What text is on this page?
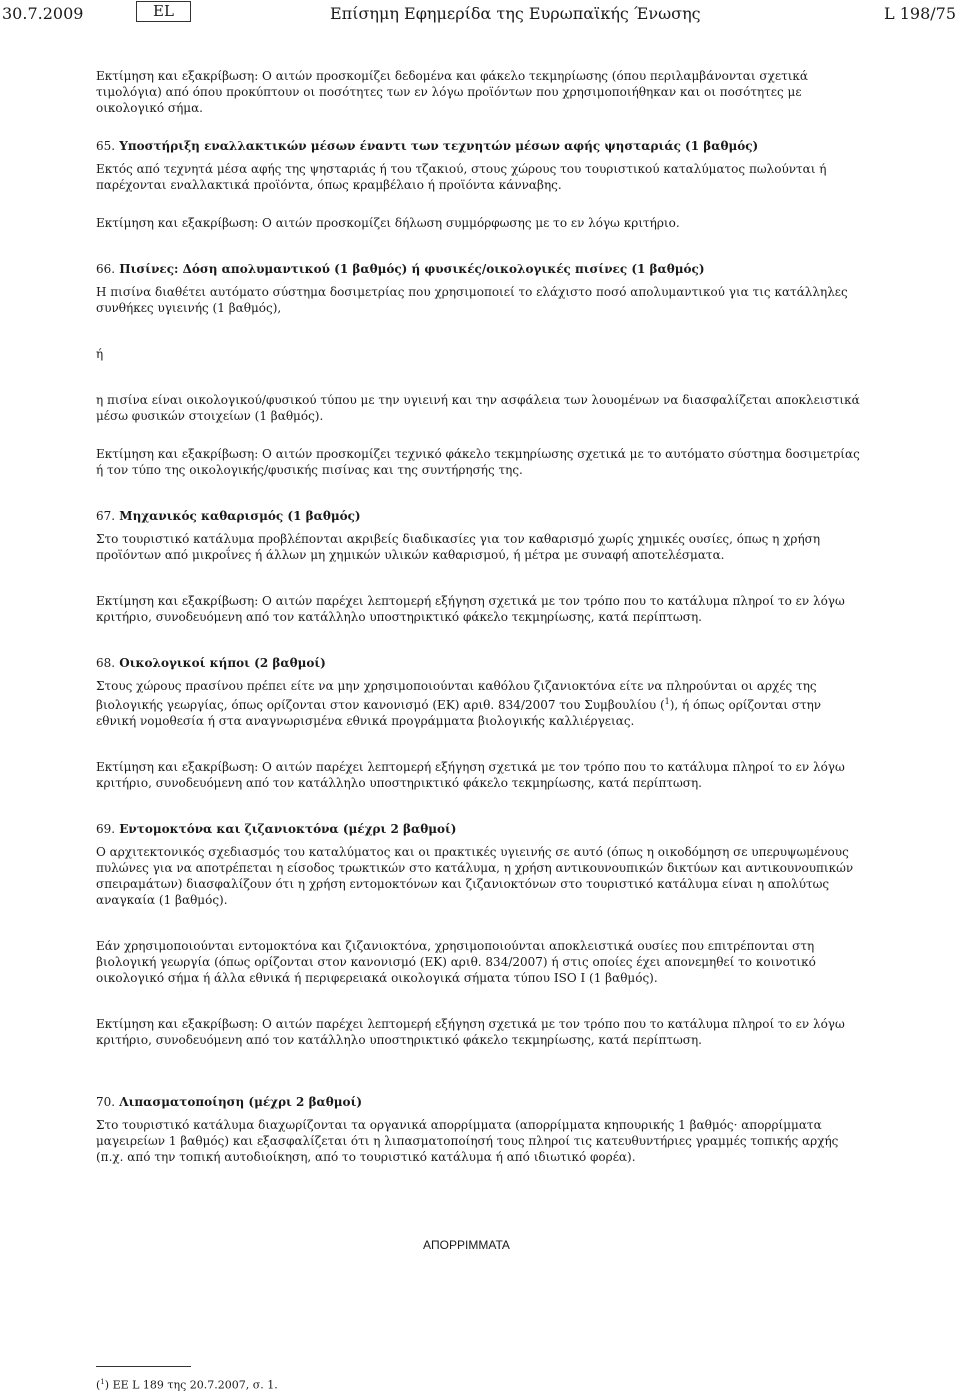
30.7.2009	EL	Επίσημη Εφημερίδα της Ευρωπαϊκής Ένωσης	L 198/75

Εκτίμηση και εξακρίβωση: Ο αιτών προσκομίζει δεδομένα και φάκελο τεκμηρίωσης (όπου περιλαμβάνονται σχετικά τιμολόγια) από όπου προκύπτουν οι ποσότητες των εν λόγω προϊόντων που χρησιμοποιήθηκαν και οι ποσότητες με οικολογικό σήμα.

65. Υποστήριξη εναλλακτικών μέσων έναντι των τεχνητών μέσων αφής ψησταριάς (1 βαθμός)

Εκτός από τεχνητά μέσα αφής της ψησταριάς ή του τζακιού, στους χώρους του τουριστικού καταλύματος πωλούνται ή παρέχονται εναλλακτικά προϊόντα, όπως κραμβέλαιο ή προϊόντα κάνναβης.

Εκτίμηση και εξακρίβωση: Ο αιτών προσκομίζει δήλωση συμμόρφωσης με το εν λόγω κριτήριο.

66. Πισίνες: Δόση απολυμαντικού (1 βαθμός) ή φυσικές/οικολογικές πισίνες (1 βαθμός)

Η πισίνα διαθέτει αυτόματο σύστημα δοσιμετρίας που χρησιμοποιεί το ελάχιστο ποσό απολυμαντικού για τις κατάλληλες συνθήκες υγιεινής (1 βαθμός),

ή

η πισίνα είναι οικολογικού/φυσικού τύπου με την υγιεινή και την ασφάλεια των λουομένων να διασφαλίζεται αποκλειστικά μέσω φυσικών στοιχείων (1 βαθμός).

Εκτίμηση και εξακρίβωση: Ο αιτών προσκομίζει τεχνικό φάκελο τεκμηρίωσης σχετικά με το αυτόματο σύστημα δοσιμετρίας ή τον τύπο της οικολογικής/φυσικής πισίνας και της συντήρησής της.

67. Μηχανικός καθαρισμός (1 βαθμός)

Στο τουριστικό κατάλυμα προβλέπονται ακριβείς διαδικασίες για τον καθαρισμό χωρίς χημικές ουσίες, όπως η χρήση προϊόντων από μικροΐνες ή άλλων μη χημικών υλικών καθαρισμού, ή μέτρα με συναφή αποτελέσματα.

Εκτίμηση και εξακρίβωση: Ο αιτών παρέχει λεπτομερή εξήγηση σχετικά με τον τρόπο που το κατάλυμα πληροί το εν λόγω κριτήριο, συνοδευόμενη από τον κατάλληλο υποστηρικτικό φάκελο τεκμηρίωσης, κατά περίπτωση.

68. Οικολογικοί κήποι (2 βαθμοί)

Στους χώρους πρασίνου πρέπει είτε να μην χρησιμοποιούνται καθόλου ζιζανιοκτόνα είτε να πληρούνται οι αρχές της βιολογικής γεωργίας, όπως ορίζονται στον κανονισμό (ΕΚ) αριθ. 834/2007 του Συμβουλίου ($^1$), ή όπως ορίζονται στην εθνική νομοθεσία ή στα αναγνωρισμένα εθνικά προγράμματα βιολογικής καλλιέργειας.

Εκτίμηση και εξακρίβωση: Ο αιτών παρέχει λεπτομερή εξήγηση σχετικά με τον τρόπο που το κατάλυμα πληροί το εν λόγω κριτήριο, συνοδευόμενη από τον κατάλληλο υποστηρικτικό φάκελο τεκμηρίωσης, κατά περίπτωση.

69. Εντομοκτόνα και ζιζανιοκτόνα (μέχρι 2 βαθμοί)

Ο αρχιτεκτονικός σχεδιασμός του καταλύματος και οι πρακτικές υγιεινής σε αυτό (όπως η οικοδόμηση σε υπερυψωμένους πυλώνες για να αποτρέπεται η είσοδος τρωκτικών στο κατάλυμα, η χρήση αντικουνουπικών δικτύων και αντικουνουπικών σπειραμάτων) διασφαλίζουν ότι η χρήση εντομοκτόνων και ζιζανιοκτόνων στο τουριστικό κατάλυμα είναι η απολύτως αναγκαία (1 βαθμός).

Εάν χρησιμοποιούνται εντομοκτόνα και ζιζανιοκτόνα, χρησιμοποιούνται αποκλειστικά ουσίες που επιτρέπονται στη βιολογική γεωργία (όπως ορίζονται στον κανονισμό (ΕΚ) αριθ. 834/2007) ή στις οποίες έχει απονεμηθεί το κοινοτικό οικολογικό σήμα ή άλλα εθνικά ή περιφερειακά οικολογικά σήματα τύπου ISO I (1 βαθμός).

Εκτίμηση και εξακρίβωση: Ο αιτών παρέχει λεπτομερή εξήγηση σχετικά με τον τρόπο που το κατάλυμα πληροί το εν λόγω κριτήριο, συνοδευόμενη από τον κατάλληλο υποστηρικτικό φάκελο τεκμηρίωσης, κατά περίπτωση.

70. Λιπασματοποίηση (μέχρι 2 βαθμοί)

Στο τουριστικό κατάλυμα διαχωρίζονται τα οργανικά απορρίμματα (απορρίμματα κηπουρικής 1 βαθμός· απορρίμματα μαγειρείων 1 βαθμός) και εξασφαλίζεται ότι η λιπασματοποίησή τους πληροί τις κατευθυντήριες γραμμές τοπικής αρχής (π.χ. από την τοπική αυτοδιοίκηση, από το τουριστικό κατάλυμα ή από ιδιωτικό φορέα).

ΑΠΟΡΡΙΜΜΑΤΑ
($^1$) ΕΕ L 189 της 20.7.2007, σ. 1.
